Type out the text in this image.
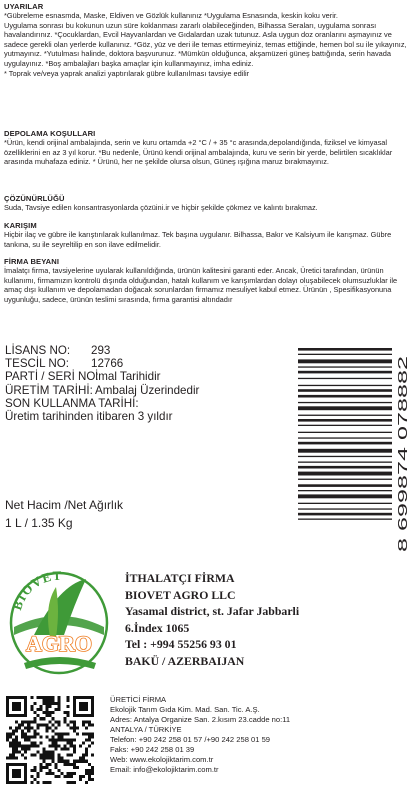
UYARILAR

*Gübreleme esnasmda, Maske, Eldiven ve Gözlük kullanınız *Uygulama Esnasında, keskin koku verir.

Uygulama sonrası bu kokunun uzun süre koklanması zararlı olabileceğinden, Bilhassa Seraları, uygulama sonrası havalandırınız. *Çocuklardan, Evcil Hayvanlardan ve Gıdalardan uzak tutunuz. Asla uygun doz oranlarını aşmayınız ve sadece gerekli olan yerlerde kullanınız. *Göz, yüz ve deri ile temas ettirmeyiniz, temas ettiğinde, hemen bol su ile yıkayınız, yutmayınız. *Yutulması halinde, doktora başvurunuz. *Mümkün olduğunca, akşamüzeri güneş battığında, serin havada uygulayınız. *Boş ambalajları başka amaçlar için kullanmayınız, imha ediniz.

* Toprak ve/veya yaprak analizi yaptırılarak gübre kullanılması tavsiye edilir

DEPOLAMA KOŞULLARI

*Ürün, kendi orijinal ambalajında, serin ve kuru ortamda +2 °C / + 35 °c arasında,depolandığında, fiziksel ve kimyasal özelliklerini en az 3 yıl korur. *Bu nedenle, Ürünü kendi orijinal ambalajında, kuru ve serin bir yerde, belirtilen sıcaklıklar arasında muhafaza ediniz. * Ürünü, her ne şekilde olursa olsun, Güneş ışığına maruz bırakmayınız.

ÇÖZÜNÜRLÜĞÜ

Suda, Tavsiye edilen konsantrasyonlarda çözüini.ir ve hiçbir şekilde çökmez ve kalıntı bırakmaz.

KARIŞIM

Hiçbir ilaç ve gübre ile karıştırılarak kullanılmaz. Tek başına uygulanır. Bilhassa, Bakır ve Kalsiyum ile karışmaz. Gübre tankına, su ile seyreltilip en son ilave edilmelidir.

FİRMA BEYANI

İmalatçı firma, tavsiyelerine uyularak kullanıldığında, ürünün kalitesini garanti eder. Ancak, Üretici tarafından, ürünün kullanımı, firmamızın kontrolü dışında olduğundan, hatalı kullanım ve karışımlardan dolayı oluşabilecek olumsuzluklar ile amaç dışı kullanım ve depolamadan doğacak sorunlardan firmamız mesuliyet kabul etmez. Ürünün , Spesifikasyonuna uygunluğu, sadece, ürünün teslimi sırasında, fırma garantisi altındadır

LİSANS NO:	293
TESCİL NO:	12766
PARTİ / SERİ NO:
İmal Tarihidir
ÜRETİM TARİHİ: Ambalaj Üzerindedir
SON KULLANMA TARİHİ:
Üretim tarihinden itibaren 3 yıldır
Net Hacim /Net Ağırlık
1 L / 1.35 Kg	8 699874 078882
BIOVET
AGRO
İTHALATÇI FİRMA
BIOVET AGRO LLC
Yasamal district, st. Jafar Jabbarli
6.İndex 1065
Tel : +994 55256 93 01
BAKÜ / AZERBAIJAN
ÜRETİCİ FİRMA
Ekolojik Tarım Gıda Kim. Mad. San. Tic. A.Ş.
Adres: Antalya Organize San. 2.kısım 23.cadde no:11
ANTALYA / TÜRKİYE
Telefon: +90 242 258 01 57 /+90 242 258 01 59
Faks: +90 242 258 01 39
Web: www.ekolojiktarim.com.tr
Email: info@ekolojiktarim.com.tr
